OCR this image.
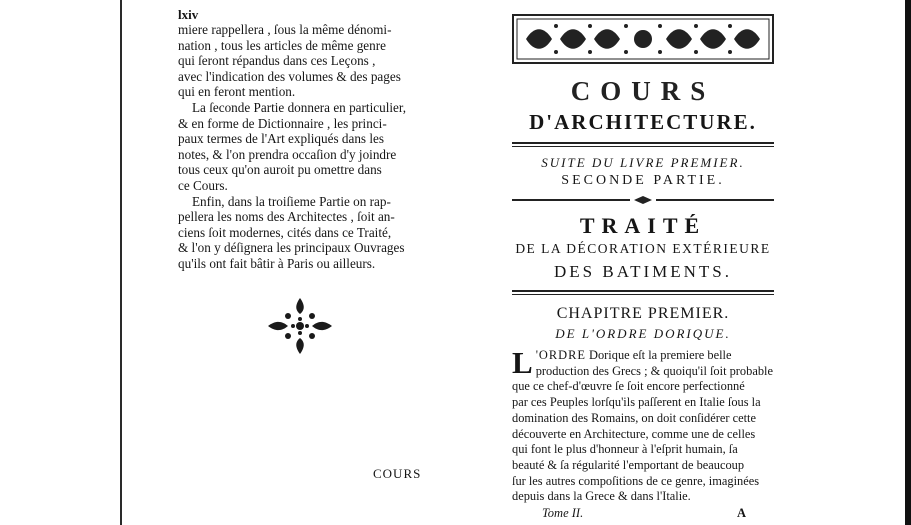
lxiv

miere rappellera , ſous la même dénomi-

nation , tous les articles de même genre

qui ſeront répandus dans ces Leçons ,

avec l'indication des volumes & des pages

qui en feront mention.

La ſeconde Partie donnera en particulier,

& en forme de Dictionnaire , les princi-

paux termes de l'Art expliqués dans les

notes, & l'on prendra occaſion d'y joindre

tous ceux qu'on auroit pu omettre dans

ce Cours.

Enfin, dans la troiſieme Partie on rap-

pellera les noms des Architectes , ſoit an-

ciens ſoit modernes, cités dans ce Traité,

& l'on y déſignera les principaux Ouvrages

qu'ils ont fait bâtir à Paris ou ailleurs.

COURS

COURS

D'ARCHITECTURE.

SUITE DU LIVRE PREMIER.

SECONDE PARTIE.

TRAITÉ

DE LA DÉCORATION EXTÉRIEURE

DES BATIMENTS.

CHAPITRE PREMIER.

DE L'ORDRE DORIQUE.

L 'ORDRE Dorique eſt la premiere belle
production des Grecs ; & quoiqu'il ſoit probable
que ce chef-d'œuvre ſe ſoit encore perfectionné
par ces Peuples lorſqu'ils paſſerent en Italie ſous la
domination des Romains, on doit conſidérer cette
découverte en Architecture, comme une de celles
qui font le plus d'honneur à l'eſprit humain, ſa
beauté & ſa régularité l'emportant de beaucoup
ſur les autres compoſitions de ce genre, imaginées
depuis dans la Grece & dans l'Italie.
Tome II.	A
